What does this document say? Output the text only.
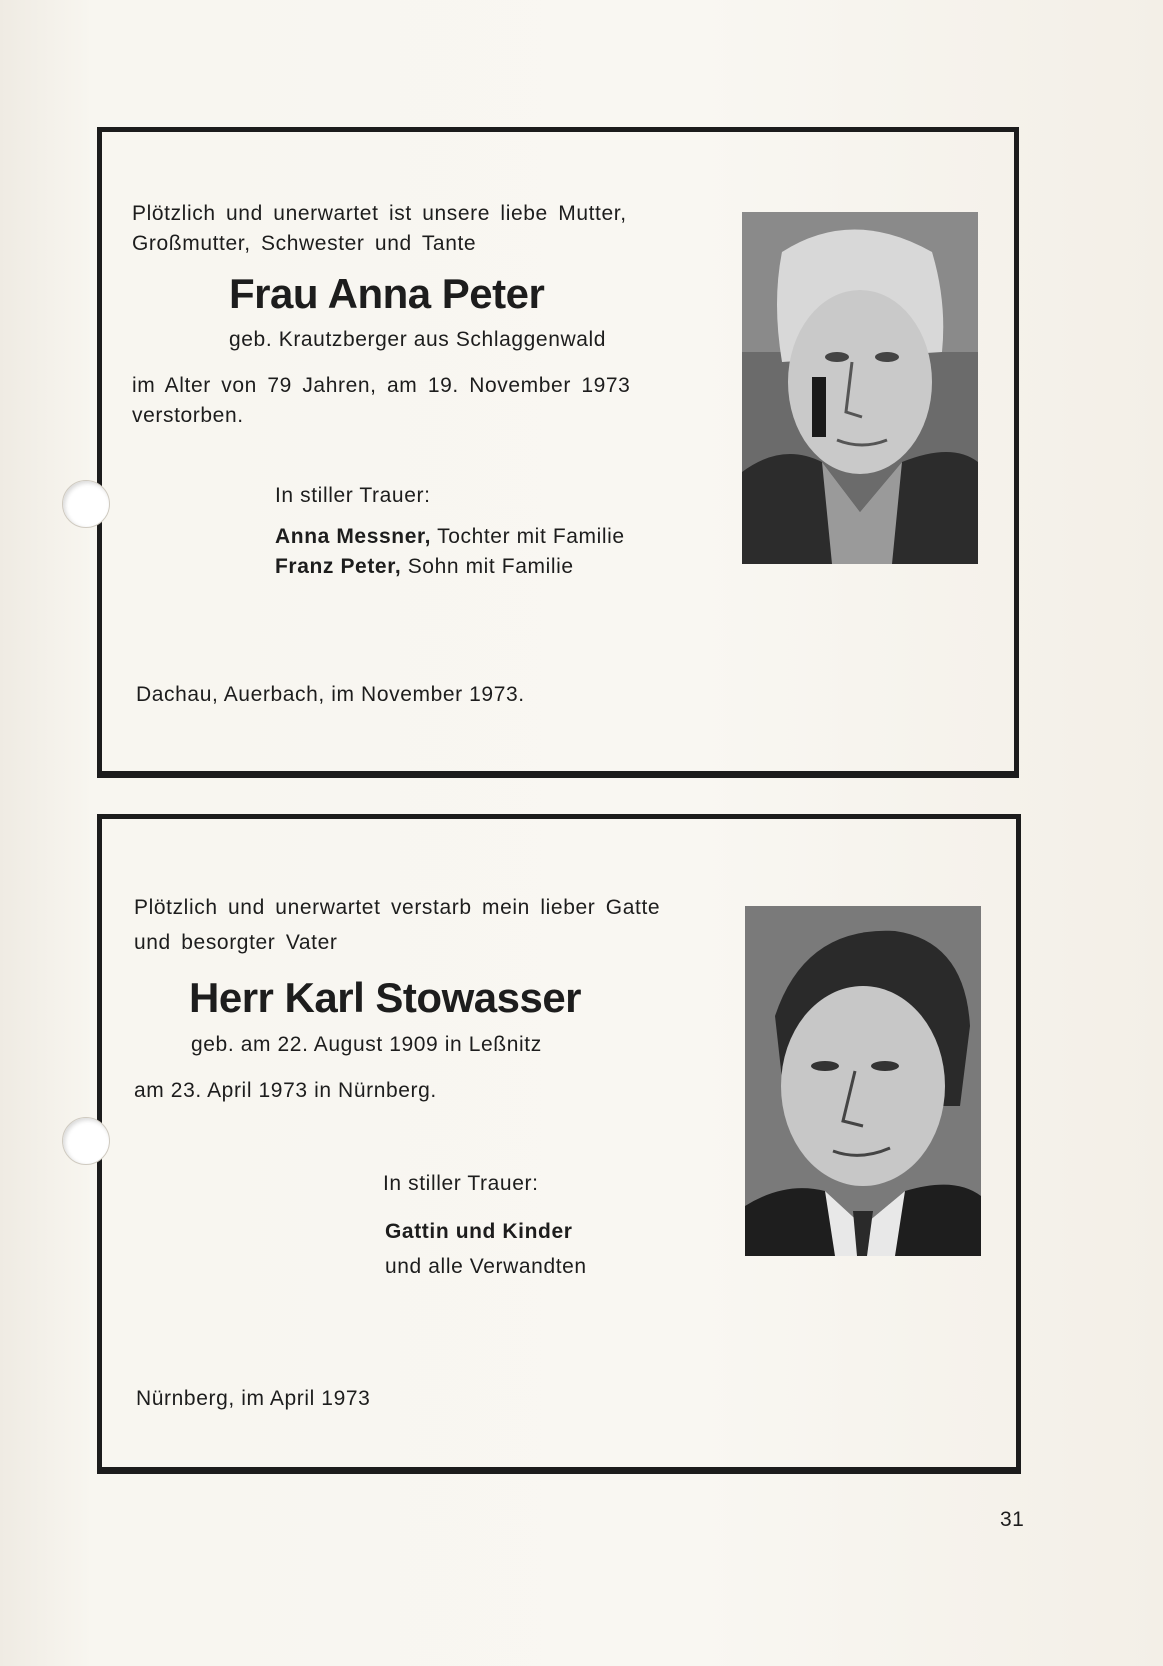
Plötzlich und unerwartet ist unsere liebe Mutter,
Großmutter, Schwester und Tante
Frau Anna Peter
geb. Krautzberger aus Schlaggenwald
im Alter von 79 Jahren, am 19. November 1973
verstorben.
In stiller Trauer:
Anna Messner, Tochter mit Familie
Franz Peter, Sohn mit Familie
Dachau, Auerbach, im November 1973.
Plötzlich und unerwartet verstarb mein lieber Gatte
und besorgter Vater
Herr Karl Stowasser
geb. am 22. August 1909 in Leßnitz
am 23. April 1973 in Nürnberg.
In stiller Trauer:
Gattin und Kinder
und alle Verwandten
Nürnberg, im April 1973
31
